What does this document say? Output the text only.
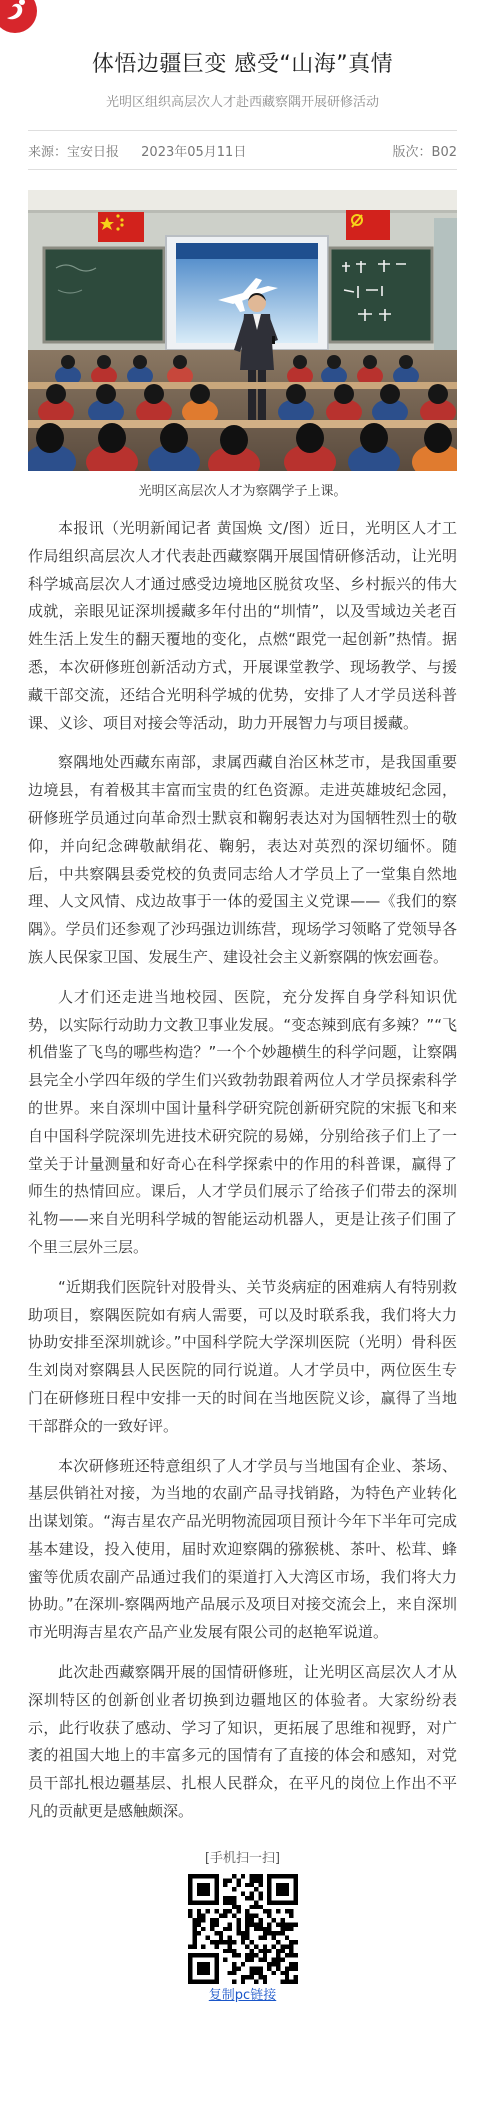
体悟边疆巨变 感受“山海”真情
光明区组织高层次人才赴西藏察隅开展研修活动
来源：宝安日报 2023年05月11日	版次：B02
光明区高层次人才为察隅学子上课。

本报讯（光明新闻记者 黄国焕 文/图）近日，光明区人才工作局组织高层次人才代表赴西藏察隅开展国情研修活动，让光明科学城高层次人才通过感受边境地区脱贫攻坚、乡村振兴的伟大成就，亲眼见证深圳援藏多年付出的“圳情”，以及雪域边关老百姓生活上发生的翻天覆地的变化，点燃“跟党一起创新”热情。据悉，本次研修班创新活动方式，开展课堂教学、现场教学、与援藏干部交流，还结合光明科学城的优势，安排了人才学员送科普课、义诊、项目对接会等活动，助力开展智力与项目援藏。

察隅地处西藏东南部，隶属西藏自治区林芝市，是我国重要边境县，有着极其丰富而宝贵的红色资源。走进英雄坡纪念园，研修班学员通过向革命烈士默哀和鞠躬表达对为国牺牲烈士的敬仰，并向纪念碑敬献绢花、鞠躬，表达对英烈的深切缅怀。随后，中共察隅县委党校的负责同志给人才学员上了一堂集自然地理、人文风情、戍边故事于一体的爱国主义党课——《我们的察隅》。学员们还参观了沙玛强边训练营，现场学习领略了党领导各族人民保家卫国、发展生产、建设社会主义新察隅的恢宏画卷。

人才们还走进当地校园、医院，充分发挥自身学科知识优势，以实际行动助力文教卫事业发展。“变态辣到底有多辣？”“飞机借鉴了飞鸟的哪些构造？”一个个妙趣横生的科学问题，让察隅县完全小学四年级的学生们兴致勃勃跟着两位人才学员探索科学的世界。来自深圳中国计量科学研究院创新研究院的宋振飞和来自中国科学院深圳先进技术研究院的易娣，分别给孩子们上了一堂关于计量测量和好奇心在科学探索中的作用的科普课，赢得了师生的热情回应。课后，人才学员们展示了给孩子们带去的深圳礼物——来自光明科学城的智能运动机器人，更是让孩子们围了个里三层外三层。

“近期我们医院针对股骨头、关节炎病症的困难病人有特别救助项目，察隅医院如有病人需要，可以及时联系我，我们将大力协助安排至深圳就诊。”中国科学院大学深圳医院（光明）骨科医生刘岗对察隅县人民医院的同行说道。人才学员中，两位医生专门在研修班日程中安排一天的时间在当地医院义诊，赢得了当地干部群众的一致好评。

本次研修班还特意组织了人才学员与当地国有企业、茶场、基层供销社对接，为当地的农副产品寻找销路，为特色产业转化出谋划策。“海吉星农产品光明物流园项目预计今年下半年可完成基本建设，投入使用，届时欢迎察隅的猕猴桃、茶叶、松茸、蜂蜜等优质农副产品通过我们的渠道打入大湾区市场，我们将大力协助。”在深圳-察隅两地产品展示及项目对接交流会上，来自深圳市光明海吉星农产品产业发展有限公司的赵艳军说道。

此次赴西藏察隅开展的国情研修班，让光明区高层次人才从深圳特区的创新创业者切换到边疆地区的体验者。大家纷纷表示，此行收获了感动、学习了知识，更拓展了思维和视野，对广袤的祖国大地上的丰富多元的国情有了直接的体会和感知，对党员干部扎根边疆基层、扎根人民群众，在平凡的岗位上作出不平凡的贡献更是感触颇深。

[手机扫一扫]
复制pc链接
